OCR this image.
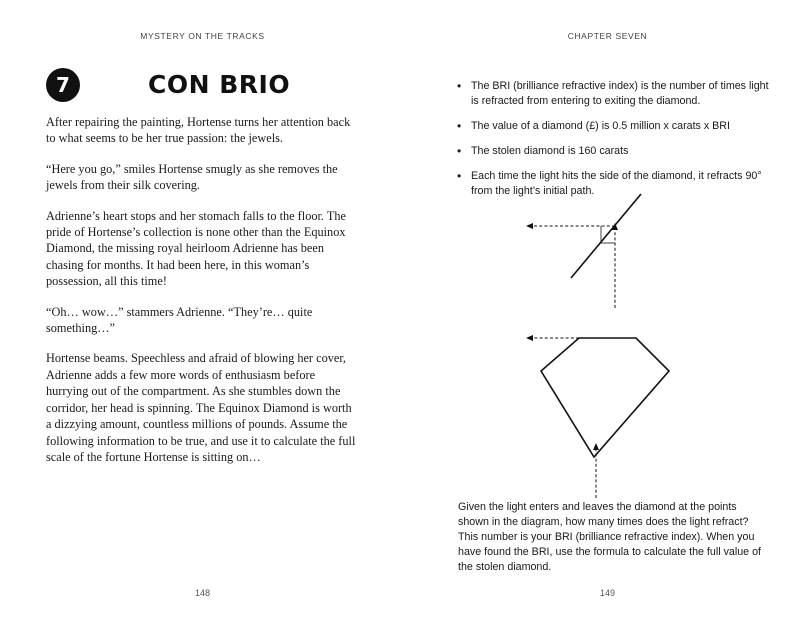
MYSTERY ON THE TRACKS
7	CON BRIO

After repairing the painting, Hortense turns her attention back to what seems to be her true passion: the jewels.

“Here you go,” smiles Hortense smugly as she removes the jewels from their silk covering.

Adrienne’s heart stops and her stomach falls to the floor. The pride of Hortense’s collection is none other than the Equinox Diamond, the missing royal heirloom Adrienne has been chasing for months. It had been here, in this woman’s possession, all this time!

“Oh… wow…” stammers Adrienne. “They’re… quite something…”

Hortense beams. Speechless and afraid of blowing her cover, Adrienne adds a few more words of enthusiasm before hurrying out of the compartment. As she stumbles down the corridor, her head is spinning. The Equinox Diamond is worth a dizzying amount, countless millions of pounds. Assume the following information to be true, and use it to calculate the full scale of the fortune Hortense is sitting on…

148
CHAPTER SEVEN
• The BRI (brilliance refractive index) is the number of times light is refracted from entering to exiting the diamond.
• The value of a diamond (£) is 0.5 million x carats x BRI
• The stolen diamond is 160 carats
• Each time the light hits the side of the diamond, it refracts 90° from the light’s initial path.

Given the light enters and leaves the diamond at the points shown in the diagram, how many times does the light refract? This number is your BRI (brilliance refractive index). When you have found the BRI, use the formula to calculate the full value of the stolen diamond.

149
